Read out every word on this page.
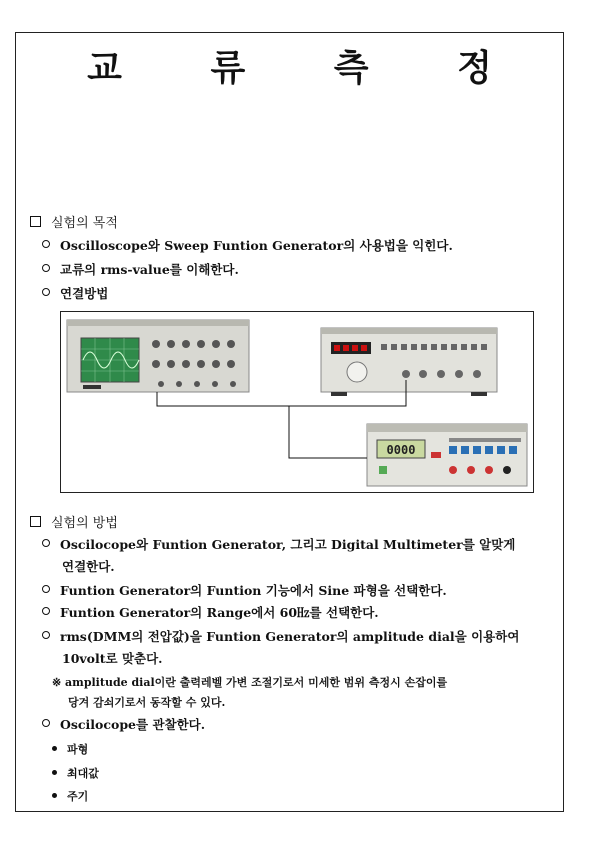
교 류 측 정
실험의 목적
Oscilloscope와 Sweep Funtion Generator의 사용법을 익힌다.
교류의 rms-value를 이해한다.
연결방법
0000
실험의 방법
Oscilocope와 Funtion Generator, 그리고 Digital Multimeter를 알맞게
연결한다.
Funtion Generator의 Funtion 기능에서 Sine 파형을 선택한다.
Funtion Generator의 Range에서 60㎐를 선택한다.
rms(DMM의 전압값)을 Funtion Generator의 amplitude dial을 이용하여
10volt로 맞춘다.
※ amplitude dial이란 출력레벨 가변 조절기로서 미세한 범위 측정시 손잡이를
당겨 감쇠기로서 동작할 수 있다.
Oscilocope를 관찰한다.
파형
최대값
주기
